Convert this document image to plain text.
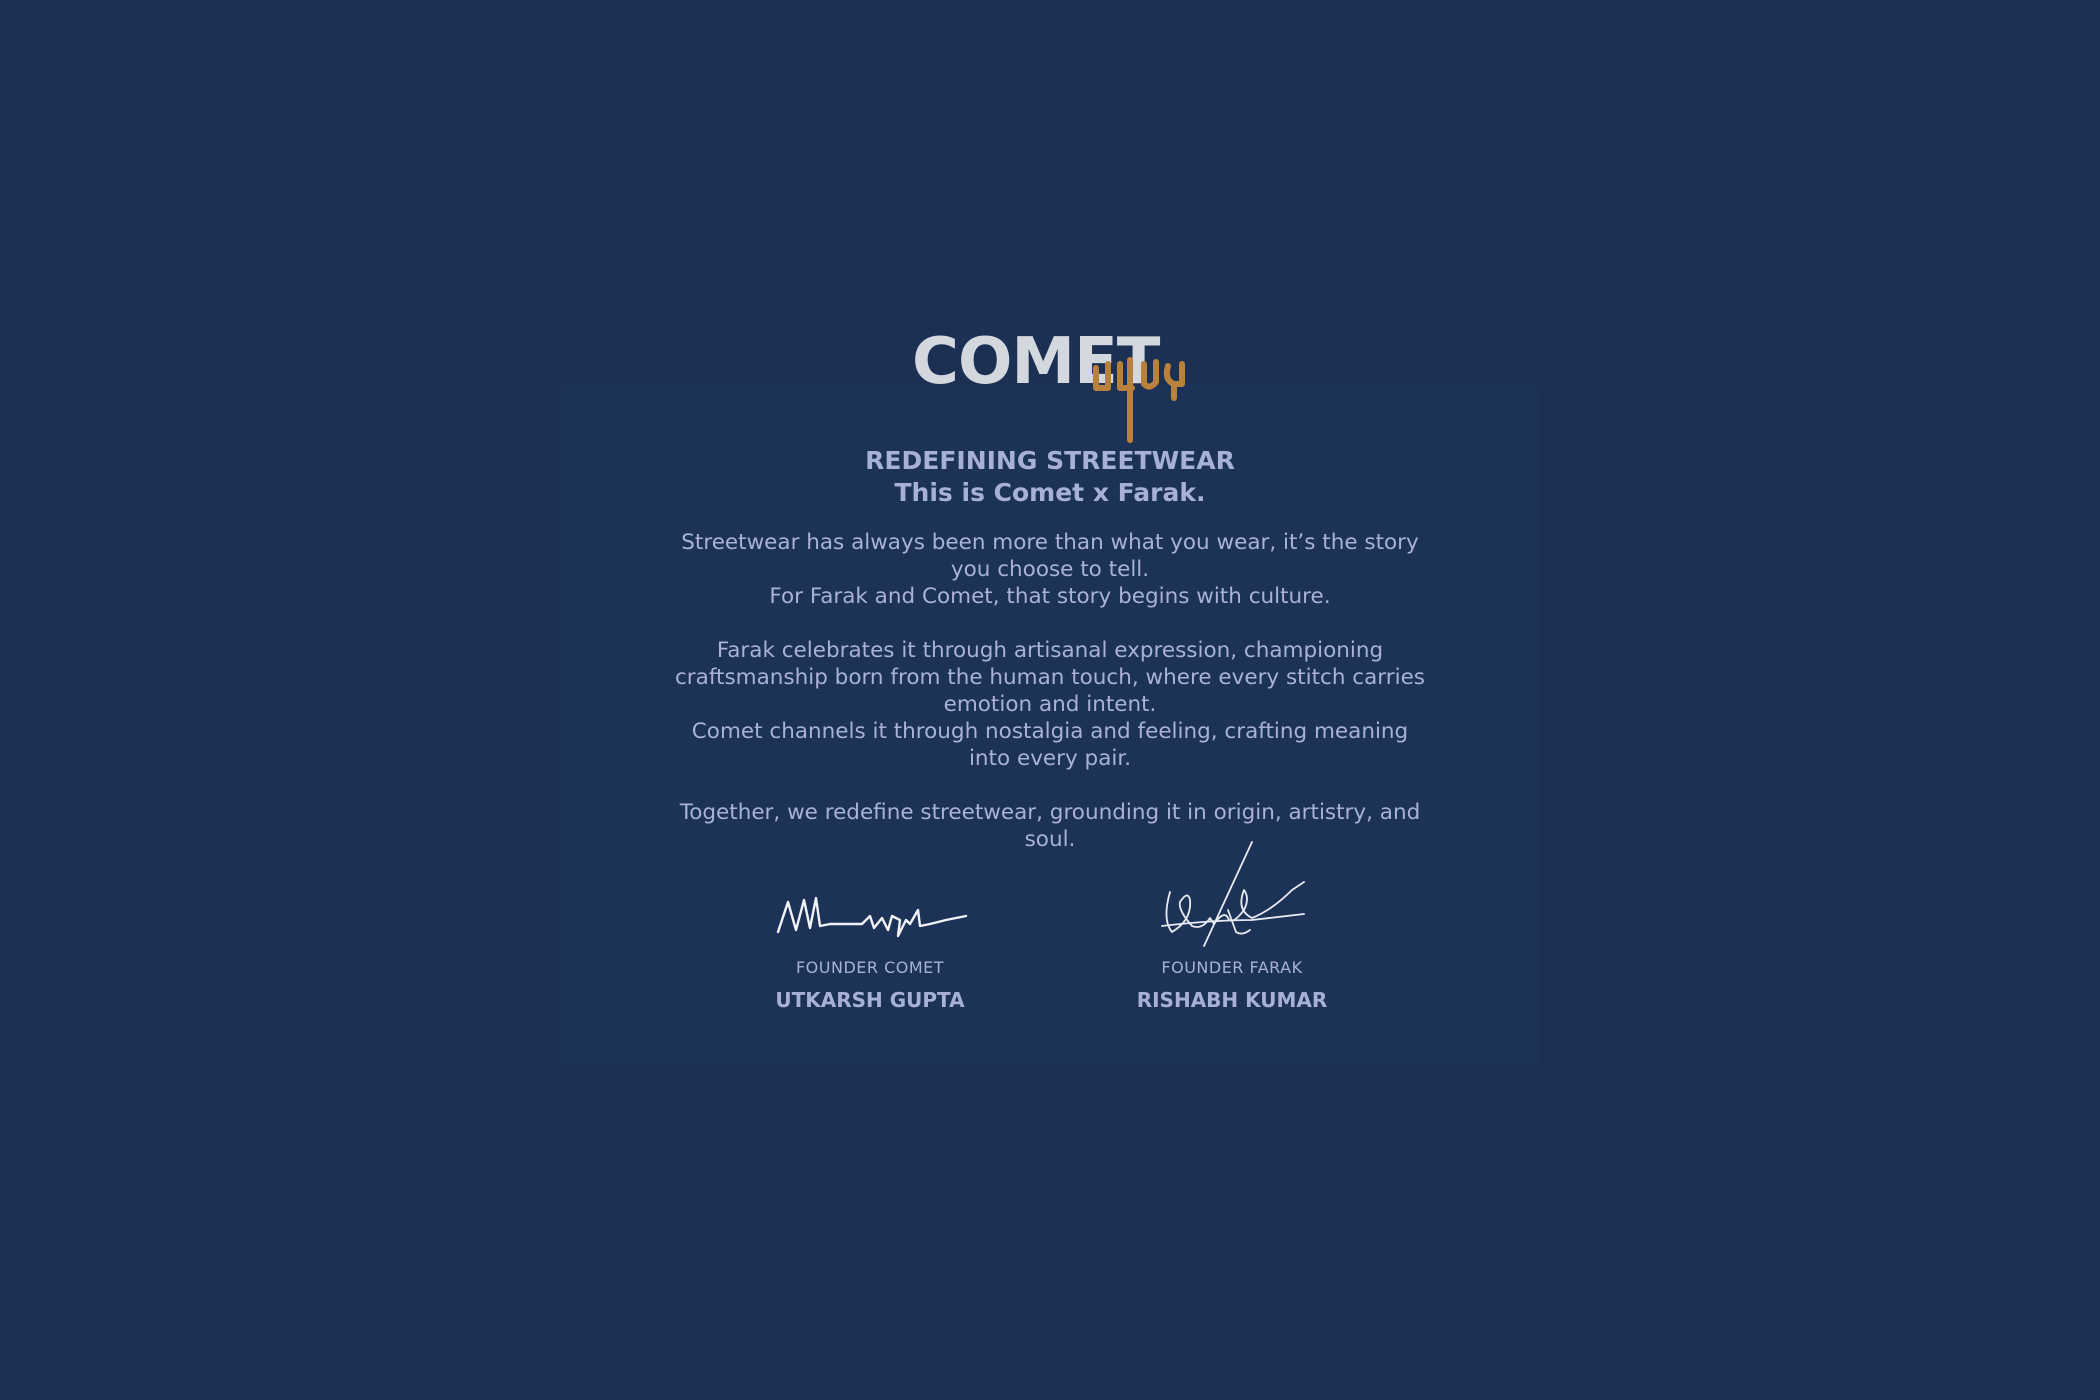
COMET
REDEFINING STREETWEAR
This is Comet x Farak.

Streetwear has always been more than what you wear, it’s the story you choose to tell.

For Farak and Comet, that story begins with culture.

Farak celebrates it through artisanal expression, championing craftsmanship born from the human touch, where every stitch carries emotion and intent.

Comet channels it through nostalgia and feeling, crafting meaning into every pair.

Together, we redefine streetwear, grounding it in origin, artistry, and soul.

FOUNDER COMET
UTKARSH GUPTA
FOUNDER FARAK
RISHABH KUMAR
